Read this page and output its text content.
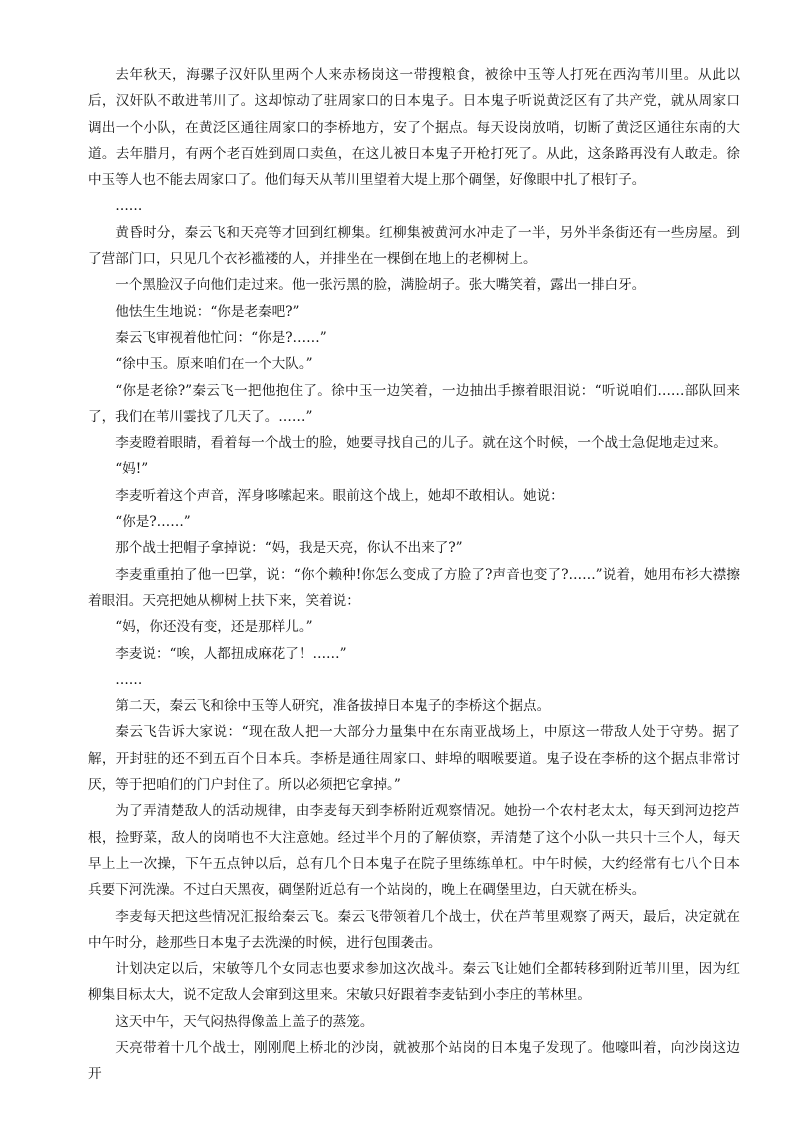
去年秋天，海骡子汉奸队里两个人来赤杨岗这一带搜粮食，被徐中玉等人打死在西沟苇川里。从此以后，汉奸队不敢进苇川了。这却惊动了驻周家口的日本鬼子。日本鬼子听说黄泛区有了共产党，就从周家口调出一个小队，在黄泛区通往周家口的李桥地方，安了个据点。每天设岗放哨，切断了黄泛区通往东南的大道。去年腊月，有两个老百姓到周口卖鱼，在这儿被日本鬼子开枪打死了。从此，这条路再没有人敢走。徐中玉等人也不能去周家口了。他们每天从苇川里望着大堤上那个碉堡，好像眼中扎了根钉子。

……

黄昏时分，秦云飞和天亮等才回到红柳集。红柳集被黄河水冲走了一半，另外半条街还有一些房屋。到了营部门口，只见几个衣衫褴褛的人，并排坐在一棵倒在地上的老柳树上。

一个黑脸汉子向他们走过来。他一张污黑的脸，满脸胡子。张大嘴笑着，露出一排白牙。

他怯生生地说：“你是老秦吧?”

秦云飞审视着他忙问：“你是?……”

“徐中玉。原来咱们在一个大队。”

“你是老徐?”秦云飞一把他抱住了。徐中玉一边笑着，一边抽出手擦着眼泪说：“听说咱们……部队回来了，我们在苇川霎找了几天了。……”

李麦瞪着眼睛，看着每一个战士的脸，她要寻找自己的儿子。就在这个时候，一个战士急促地走过来。

“妈!”

李麦听着这个声音，浑身哆嗦起来。眼前这个战上，她却不敢相认。她说：

“你是?……”

那个战士把帽子拿掉说：“妈，我是天亮，你认不出来了?”

李麦重重拍了他一巴掌，说：“你个赖种!你怎么变成了方脸了?声音也变了?……”说着，她用布衫大襟擦着眼泪。天亮把她从柳树上扶下来，笑着说：

“妈，你还没有变，还是那样儿。”

李麦说：“唉，人都扭成麻花了！……”

……

第二天，秦云飞和徐中玉等人研究，准备拔掉日本鬼子的李桥这个据点。

秦云飞告诉大家说：“现在敌人把一大部分力量集中在东南亚战场上，中原这一带敌人处于守势。据了解，开封驻的还不到五百个日本兵。李桥是通往周家口、蚌埠的咽喉要道。鬼子设在李桥的这个据点非常讨厌，等于把咱们的门户封住了。所以必须把它拿掉。”

为了弄清楚敌人的活动规律，由李麦每天到李桥附近观察情况。她扮一个农村老太太，每天到河边挖芦根，捡野菜，敌人的岗哨也不大注意她。经过半个月的了解侦察，弄清楚了这个小队一共只十三个人，每天早上上一次操，下午五点钟以后，总有几个日本鬼子在院子里练练单杠。中午时候，大约经常有七八个日本兵要下河洗澡。不过白天黑夜，碉堡附近总有一个站岗的，晚上在碉堡里边，白天就在桥头。

李麦每天把这些情况汇报给秦云飞。秦云飞带领着几个战士，伏在芦苇里观察了两天，最后，决定就在中午时分，趁那些日本鬼子去洗澡的时候，进行包围袭击。

计划决定以后，宋敏等几个女同志也要求参加这次战斗。秦云飞让她们全都转移到附近苇川里，因为红柳集目标太大，说不定敌人会窜到这里来。宋敏只好跟着李麦钻到小李庄的苇林里。

这天中午，天气闷热得像盖上盖子的蒸笼。

天亮带着十几个战士，刚刚爬上桥北的沙岗，就被那个站岗的日本鬼子发现了。他嚎叫着，向沙岗这边开
